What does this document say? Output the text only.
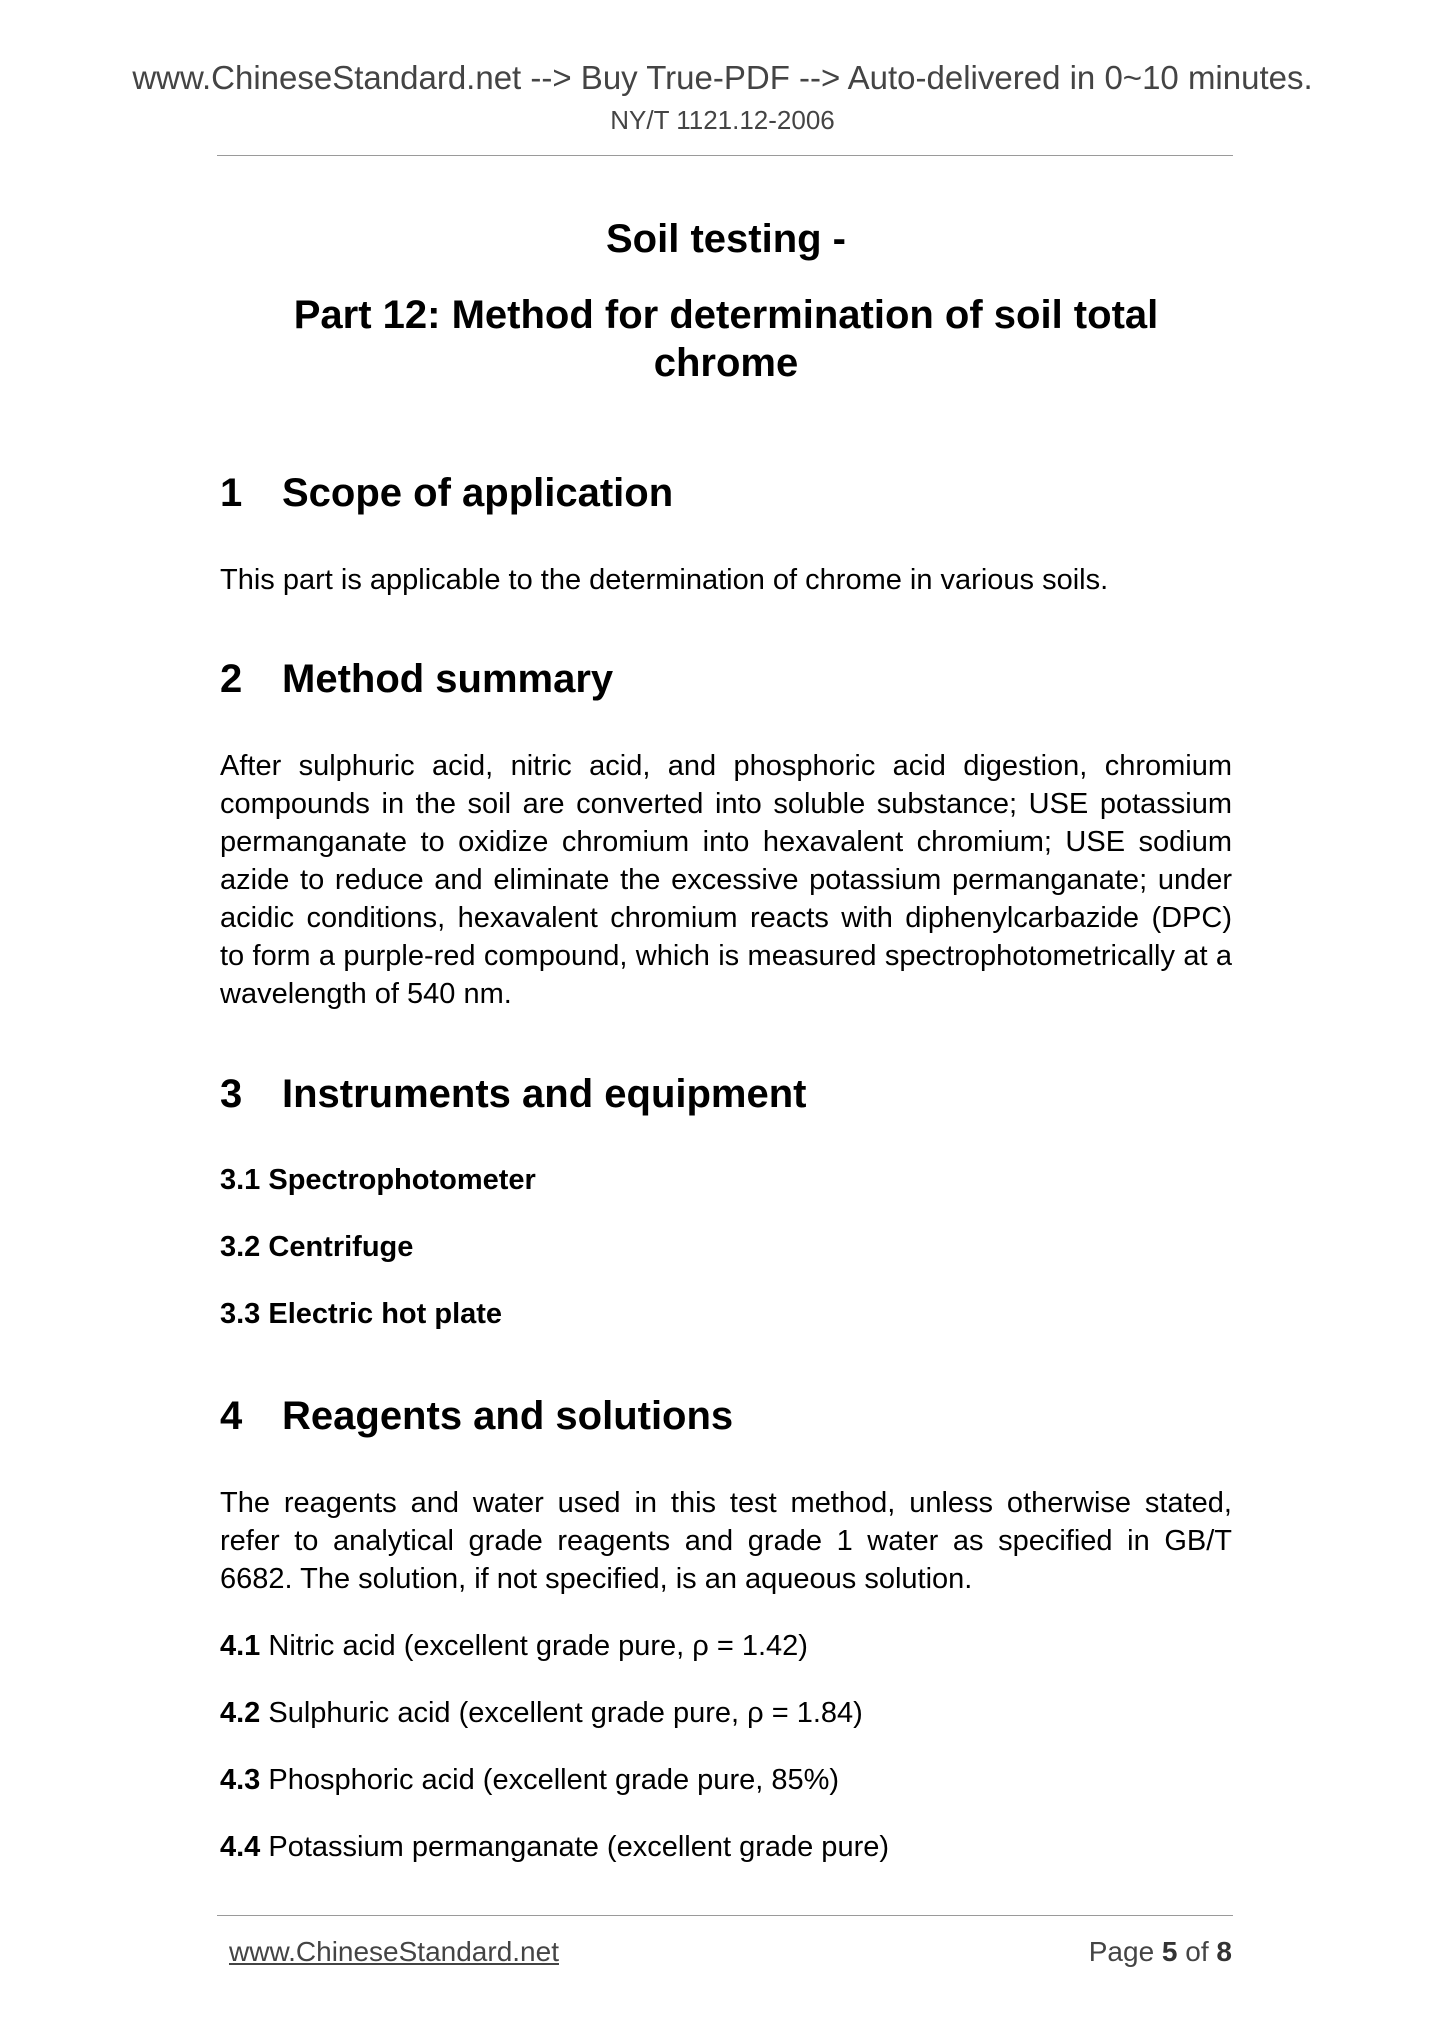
www.ChineseStandard.net --> Buy True-PDF --> Auto-delivered in 0~10 minutes.
NY/T 1121.12-2006
Soil testing -
Part 12: Method for determination of soil total chrome
1 Scope of application
This part is applicable to the determination of chrome in various soils.
2 Method summary
After sulphuric acid, nitric acid, and phosphoric acid digestion, chromium compounds in the soil are converted into soluble substance; USE potassium permanganate to oxidize chromium into hexavalent chromium; USE sodium azide to reduce and eliminate the excessive potassium permanganate; under acidic conditions, hexavalent chromium reacts with diphenylcarbazide (DPC) to form a purple-red compound, which is measured spectrophotometrically at a wavelength of 540 nm.
3 Instruments and equipment
3.1 Spectrophotometer
3.2 Centrifuge
3.3 Electric hot plate
4 Reagents and solutions
The reagents and water used in this test method, unless otherwise stated, refer to analytical grade reagents and grade 1 water as specified in GB/T 6682. The solution, if not specified, is an aqueous solution.
4.1 Nitric acid (excellent grade pure, ρ = 1.42)
4.2 Sulphuric acid (excellent grade pure, ρ = 1.84)
4.3 Phosphoric acid (excellent grade pure, 85%)
4.4 Potassium permanganate (excellent grade pure)
www.ChineseStandard.net	Page 5 of 8
